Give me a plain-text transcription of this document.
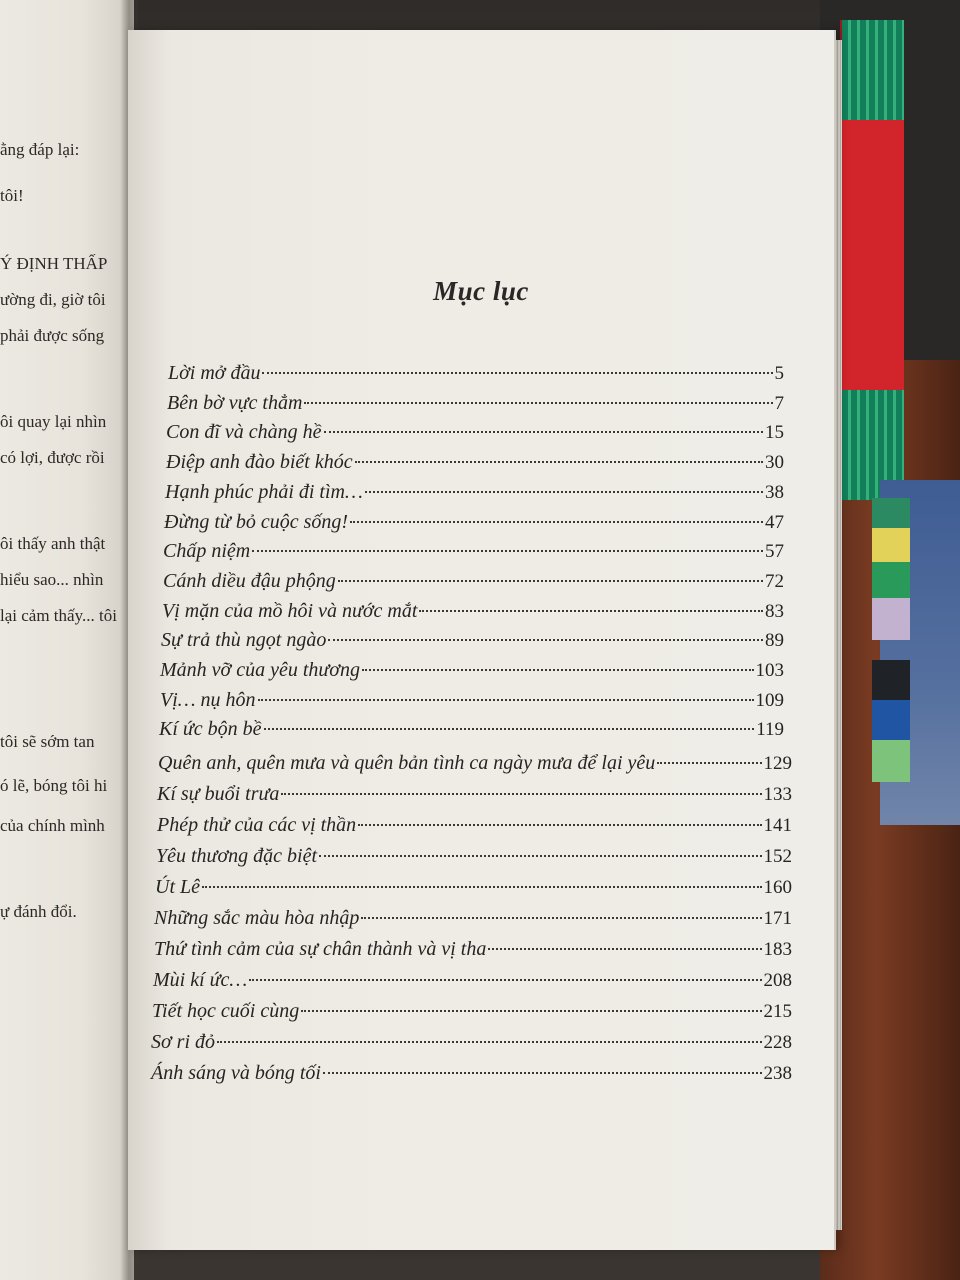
ằng đáp lại:
tôi!
Ý ĐỊNH THẤP
ường đi, giờ tôi
phải được sống
ôi quay lại nhìn
có lợi, được rồi
ôi thấy anh thật
hiểu sao... nhìn
lại cảm thấy... tôi
tôi sẽ sớm tan
ó lẽ, bóng tôi hi
của chính mình
ự đánh đổi.
Mục lục
Lời mở đầu	5
Bên bờ vực thẳm	7
Con đĩ và chàng hề	15
Điệp anh đào biết khóc	30
Hạnh phúc phải đi tìm…	38
Đừng từ bỏ cuộc sống!	47
Chấp niệm	57
Cánh diều đậu phộng	72
Vị mặn của mồ hôi và nước mắt	83
Sự trả thù ngọt ngào	89
Mảnh vỡ của yêu thương	103
Vị… nụ hôn	109
Kí ức bộn bề	119
Quên anh, quên mưa và quên bản tình ca ngày mưa để lại yêu	129
Kí sự buổi trưa	133
Phép thử của các vị thần	141
Yêu thương đặc biệt	152
Út Lê	160
Những sắc màu hòa nhập	171
Thứ tình cảm của sự chân thành và vị tha	183
Mùi kí ức…	208
Tiết học cuối cùng	215
Sơ ri đỏ	228
Ánh sáng và bóng tối	238
